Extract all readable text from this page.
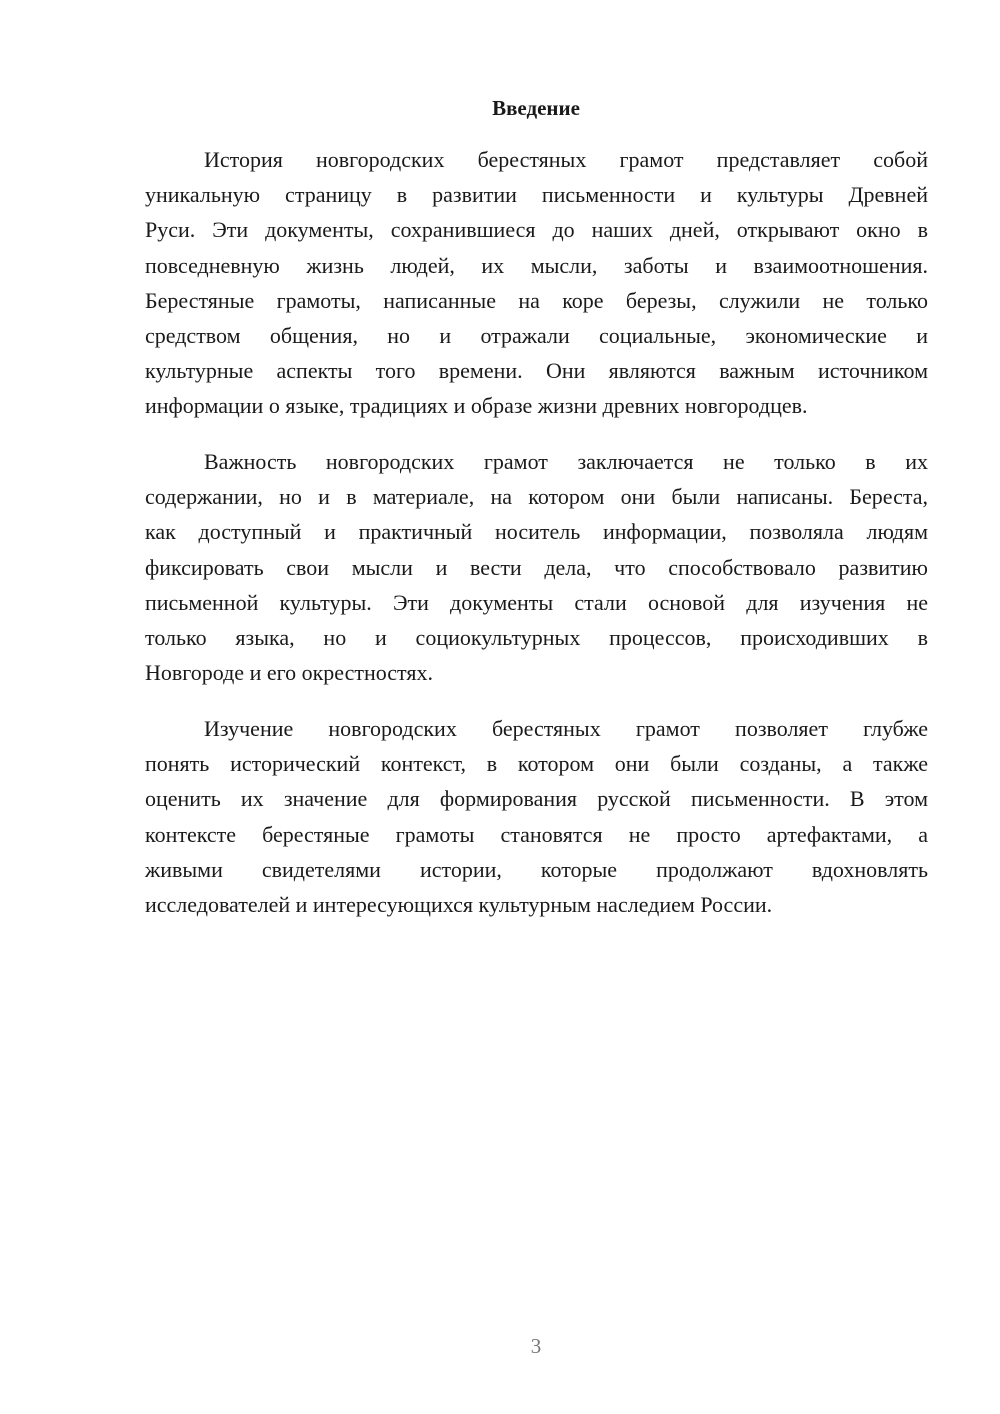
Введение
История новгородских берестяных грамот представляет собой
уникальную страницу в развитии письменности и культуры Древней
Руси. Эти документы, сохранившиеся до наших дней, открывают окно в
повседневную жизнь людей, их мысли, заботы и взаимоотношения.
Берестяные грамоты, написанные на коре березы, служили не только
средством общения, но и отражали социальные, экономические и
культурные аспекты того времени. Они являются важным источником
информации о языке, традициях и образе жизни древних новгородцев.
Важность новгородских грамот заключается не только в их
содержании, но и в материале, на котором они были написаны. Береста,
как доступный и практичный носитель информации, позволяла людям
фиксировать свои мысли и вести дела, что способствовало развитию
письменной культуры. Эти документы стали основой для изучения не
только языка, но и социокультурных процессов, происходивших в
Новгороде и его окрестностях.
Изучение новгородских берестяных грамот позволяет глубже
понять исторический контекст, в котором они были созданы, а также
оценить их значение для формирования русской письменности. В этом
контексте берестяные грамоты становятся не просто артефактами, а
живыми свидетелями истории, которые продолжают вдохновлять
исследователей и интересующихся культурным наследием России.
3
